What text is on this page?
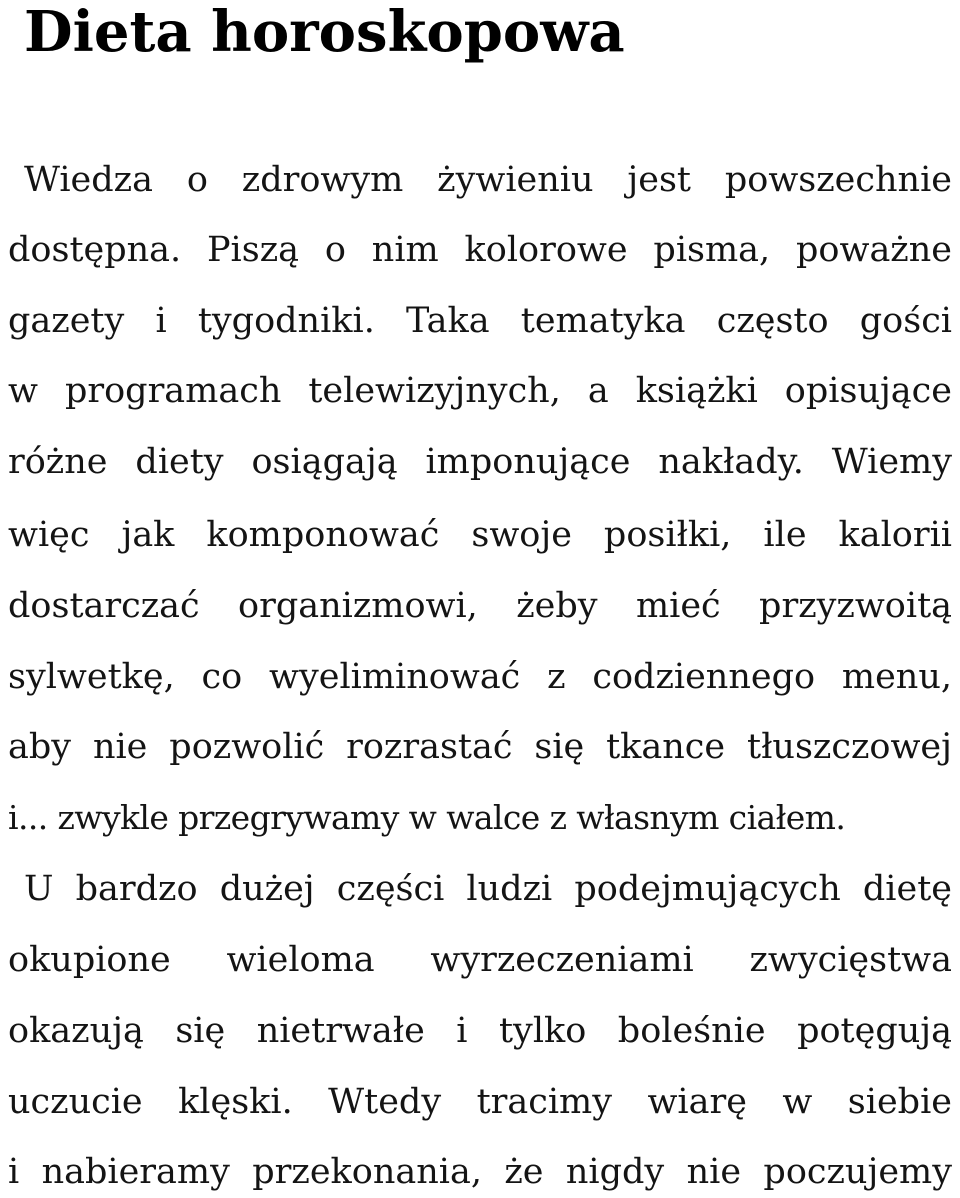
Dieta horoskopowa
Wiedza o zdrowym żywieniu jest powszechnie
dostępna. Piszą o nim kolorowe pisma, poważne
gazety i tygodniki. Taka tematyka często gości
w programach telewizyjnych, a książki opisujące
różne diety osiągają imponujące nakłady. Wiemy
więc jak komponować swoje posiłki, ile kalorii
dostarczać organizmowi, żeby mieć przyzwoitą
sylwetkę, co wyeliminować z codziennego menu,
aby nie pozwolić rozrastać się tkance tłuszczowej
i... zwykle przegrywamy w walce z własnym ciałem.
U bardzo dużej części ludzi podejmujących dietę
okupione wieloma wyrzeczeniami zwycięstwa
okazują się nietrwałe i tylko boleśnie potęgują
uczucie klęski. Wtedy tracimy wiarę w siebie
i nabieramy przekonania, że nigdy nie poczujemy
